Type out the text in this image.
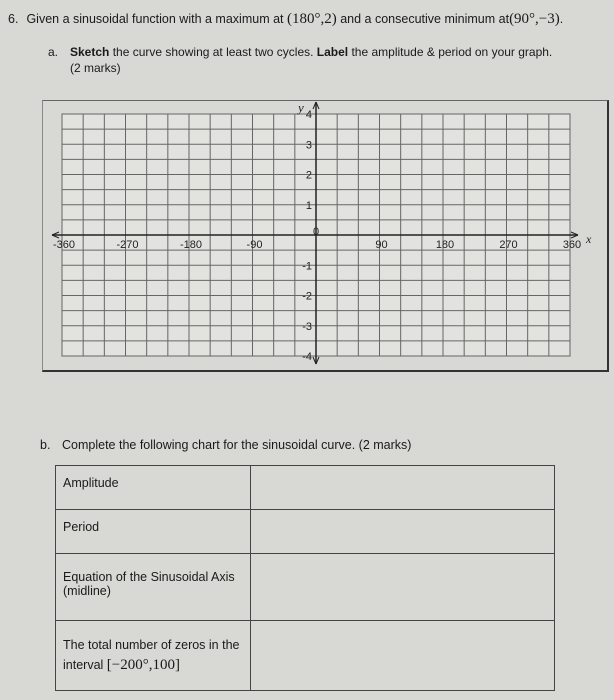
6. Given a sinusoidal function with a maximum at (180°,2) and a consecutive minimum at(90°,−3).
a. Sketch the curve showing at least two cycles. Label the amplitude & period on your graph.
(2 marks)
-360	-270	-180	-90
0
90	180	270	360
4
3
2
1
-1
-2
-3
-4
x
y
b. Complete the following chart for the sinusoidal curve. (2 marks)
Amplitude	
Period	
Equation of the Sinusoidal Axis (midline)	
The total number of zeros in the interval [−200°,100]	
